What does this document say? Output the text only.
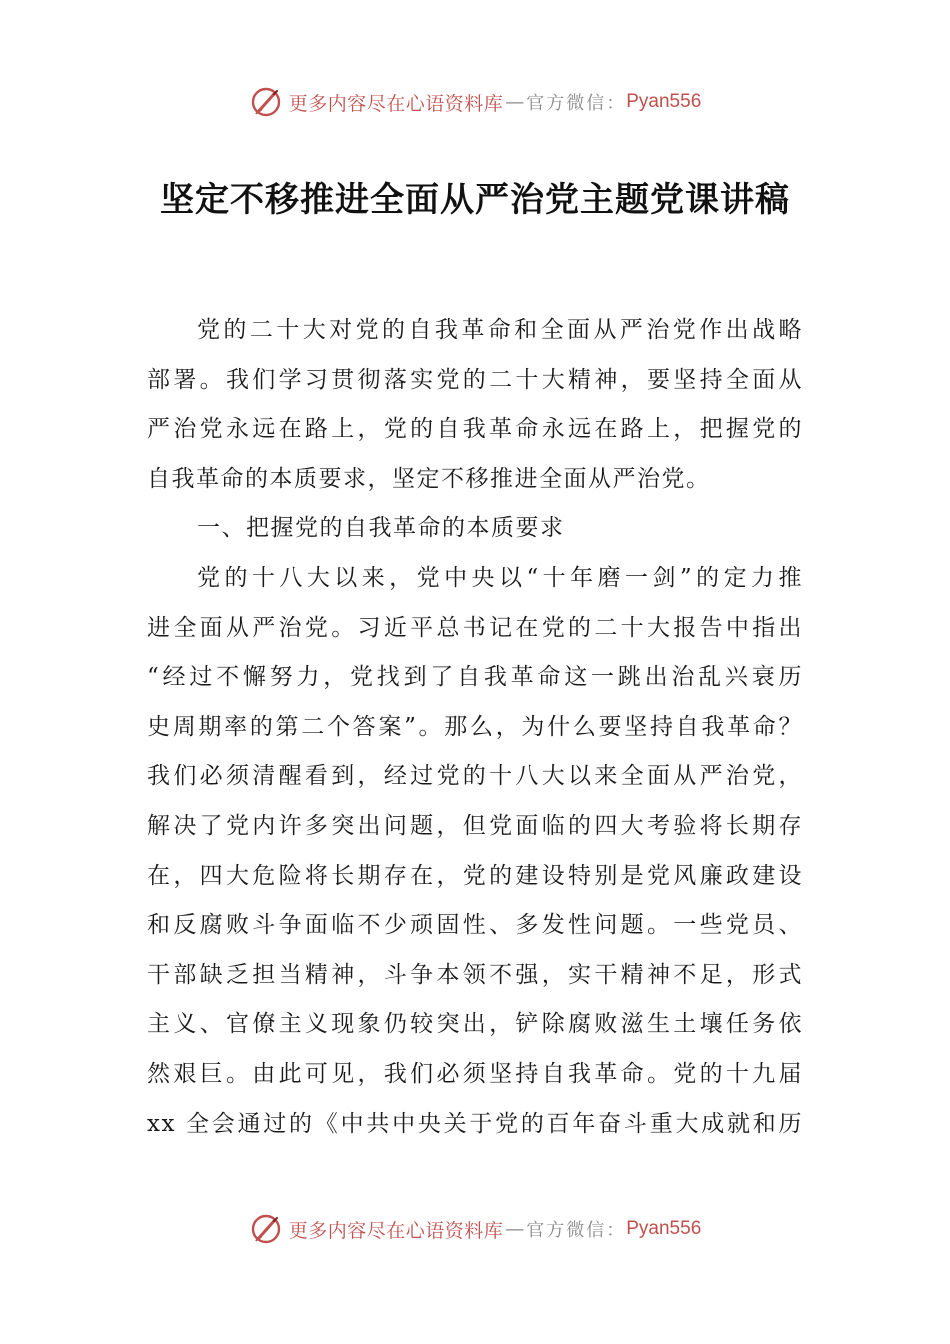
更多内容尽在心语资料库 — 官方微信： Pyan556
坚定不移推进全面从严治党主题党课讲稿
党的二十大对党的自我革命和全面从严治党作出战略
部署。我们学习贯彻落实党的二十大精神，要坚持全面从
严治党永远在路上，党的自我革命永远在路上，把握党的
自我革命的本质要求，坚定不移推进全面从严治党。
一、把握党的自我革命的本质要求
党的十八大以来，党中央以“十年磨一剑”的定力推
进全面从严治党。习近平总书记在党的二十大报告中指出
“经过不懈努力，党找到了自我革命这一跳出治乱兴衰历
史周期率的第二个答案”。那么，为什么要坚持自我革命？
我们必须清醒看到，经过党的十八大以来全面从严治党，
解决了党内许多突出问题，但党面临的四大考验将长期存
在，四大危险将长期存在，党的建设特别是党风廉政建设
和反腐败斗争面临不少顽固性、多发性问题。一些党员、
干部缺乏担当精神，斗争本领不强，实干精神不足，形式
主义、官僚主义现象仍较突出，铲除腐败滋生土壤任务依
然艰巨。由此可见，我们必须坚持自我革命。党的十九届
xx 全会通过的《中共中央关于党的百年奋斗重大成就和历
更多内容尽在心语资料库 — 官方微信： Pyan556
